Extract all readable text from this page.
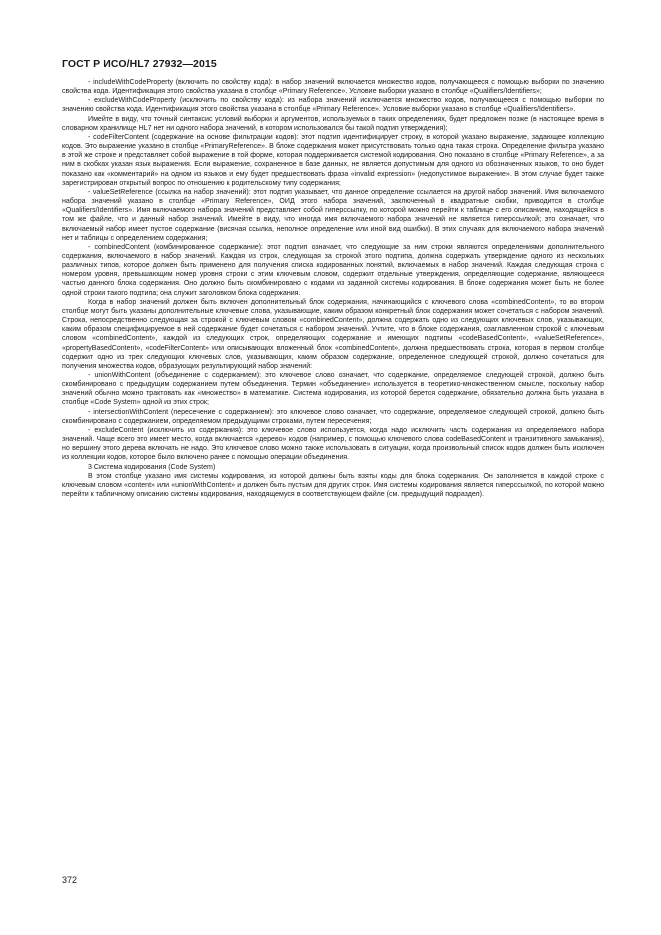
ГОСТ Р ИСО/HL7 27932—2015

- includeWithCodeProperty (включить по свойству кода): в набор значений включается множество кодов, получающееся с помощью выборки по значению свойства кода. Идентификация этого свойства указана в столбце «Primary Reference». Условие выборки указано в столбце «Qualifiers/Identifiers»;

- excludeWithCodeProperty (исключить по свойству кода): из набора значений исключается множество кодов, получающееся с помощью выборки по значению свойства кода. Идентификация этого свойства указана в столбце «Primary Reference». Условие выборки указано в столбце «Qualifiers/Identifiers».

Имейте в виду, что точный синтаксис условий выборки и аргументов, используемых в таких определениях, будет предложен позже (в настоящее время в словарном хранилище HL7 нет ни одного набора значений, в котором использовался бы такой подтип утверждения);

- codeFilterContent (содержание на основе фильтрации кодов): этот подтип идентифицирует строку, в которой указано выражение, задающее коллекцию кодов. Это выражение указано в столбце «PrimaryReference». В блоке содержания может присутствовать только одна такая строка. Определение фильтра указано в этой же строке и представляет собой выражение в той форме, которая поддерживается системой кодирования. Оно показано в столбце «Primary Reference», а за ним в скобках указан язык выражения. Если выражение, сохраненное в базе данных, не является допустимым для одного из обозначенных языков, то оно будет показано как «комментарий» на одном из языков и ему будет предшествовать фраза «invalid expression» (недопустимое выражение». В этом случае будет также зарегистрирован открытый вопрос по отношению к родительскому типу содержания;

- valueSetReference (ссылка на набор значений): этот подтип указывает, что данное определение ссылается на другой набор значений. Имя включаемого набора значений указано в столбце «Primary Reference», ОИД этого набора значений, заключенный в квадратные скобки, приводится в столбце «Qualifiers/Identifiers». Имя включаемого набора значений представляет собой гиперссылку, по которой можно перейти к таблице с его описанием, находящейся в том же файле, что и данный набор значений. Имейте в виду, что иногда имя включаемого набора значений не является гиперссылкой; это означает, что включаемый набор имеет пустое содержание (висячая ссылка, неполное определение или иной вид ошибки). В этих случаях для включаемого набора значений нет и таблицы с определением содержания;

- combinedContent (комбинированное содержание): этот подтип означает, что следующие за ним строки являются определениями дополнительного содержания, включаемого в набор значений. Каждая из строк, следующая за строкой этого подтипа, должна содержать утверждение одного из нескольких различных типов, которое должен быть применено для получения списка кодированных понятий, включаемых в набор значений. Каждая следующая строка с номером уровня, превышающим номер уровня строки с этим ключевым словом, содержит отдельные утверждения, определяющие содержание, являющееся частью данного блока содержания. Оно должно быть скомбинировано с кодами из заданной системы кодирования. В блоке содержания может быть не более одной строки такого подтипа; она служит заголовком блока содержания.

Когда в набор значений должен быть включен дополнительный блок содержания, начинающийся с ключевого слова «combinedContent», то во втором столбце могут быть указаны дополнительные ключевые слова, указывающие, каким образом конкретный блок содержания может сочетаться с набором значений. Строка, непосредственно следующая за строкой с ключевым словом «combinedContent», должна содержать одно из следующих ключевых слов, указывающих, каким образом специфицируемое в ней содержание будет сочетаться с набором значений. Учтите, что в блоке содержания, озаглавленном строкой с ключевым словом «combinedContent», каждой из следующих строк, определяющих содержание и имеющих подтипы «codeBasedContent», «valueSetReference», «propertyBasedContent», «codeFilterContent» или описывающих вложенный блок «combinedContent», должна предшествовать строка, которая в первом столбце содержит одно из трех следующих ключевых слов, указывающих, каким образом содержание, определенное следующей строкой, должно сочетаться для получения множества кодов, образующих результирующий набор значений:

- unionWithContent (объединение с содержанием): это ключевое слово означает, что содержание, определяемое следующей строкой, должно быть скомбинировано с предыдущим содержанием путем объединения. Термин «объединение» используется в теоретико-множественном смысле, поскольку набор значений обычно можно трактовать как «множество» в математике. Система кодирования, из которой берется содержание, обязательно должна быть указана в столбце «Code System» одной из этих строк;

- intersectionWithContent (пересечение с содержанием): это ключевое слово означает, что содержание, определяемое следующей строкой, должно быть скомбинировано с содержанием, определяемом предыдущими строками, путем пересечения;

- excludeContent (исключить из содержания): это ключевое слово используется, когда надо исключить часть содержания из определяемого набора значений. Чаще всего это имеет место, когда включается «дерево» кодов (например, с помощью ключевого слова codeBasedContent и транзитивного замыкания), но вершину этого дерева включать не надо. Это ключевое слово можно также использовать в ситуации, когда произвольный список кодов должен быть исключен из коллекции кодов, которое было включено ранее с помощью операции объединения.

3 Система кодирования (Code System)

В этом столбце указано имя системы кодирования, из которой должны быть взяты коды для блока содержания. Он заполняется в каждой строке с ключевым словом «content» или «unionWithContent» и должен быть пустым для других строк. Имя системы кодирования является гиперссылкой, по которой можно перейти к табличному описанию системы кодирования, находящемуся в соответствующем файле (см. предыдущий подраздел).

372
